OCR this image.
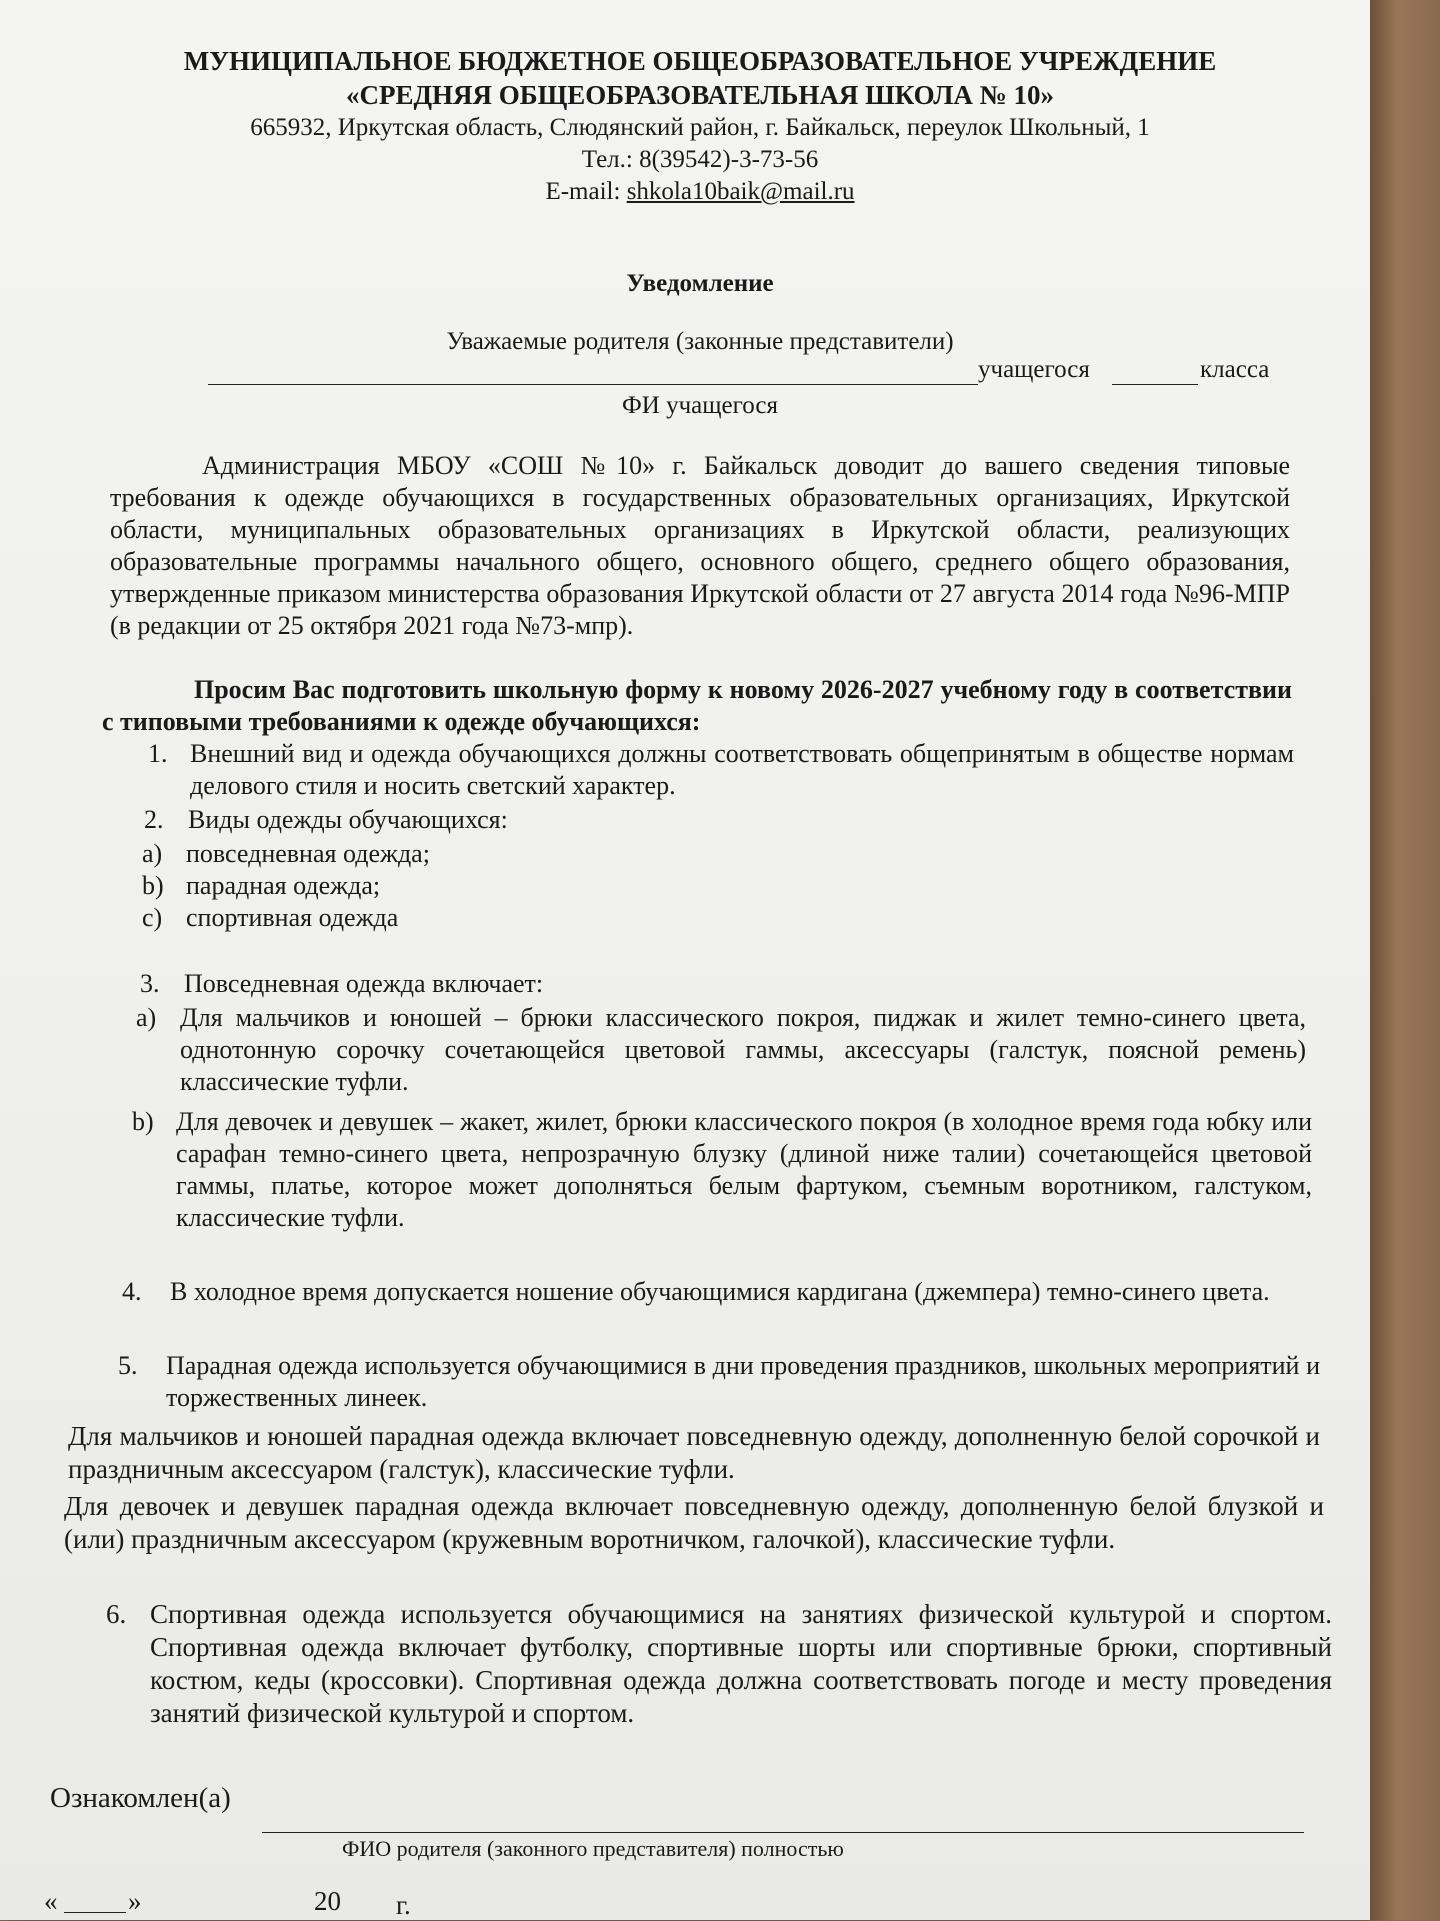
МУНИЦИПАЛЬНОЕ БЮДЖЕТНОЕ ОБЩЕОБРАЗОВАТЕЛЬНОЕ УЧРЕЖДЕНИЕ
«СРЕДНЯЯ ОБЩЕОБРАЗОВАТЕЛЬНАЯ ШКОЛА № 10»
665932, Иркутская область, Слюдянский район, г. Байкальск, переулок Школьный, 1
Тел.: 8(39542)-3-73-56
E-mail: shkola10baik@mail.ru
Уведомление
Уважаемые родителя (законные представители)
учащегося	класса
ФИ учащегося
Администрация МБОУ «СОШ №10» г. Байкальск доводит до вашего сведения типовые требования к одежде обучающихся в государственных образовательных организациях, Иркутской области, муниципальных образовательных организациях в Иркутской области, реализующих образовательные программы начального общего, основного общего, среднего общего образования, утвержденные приказом министерства образования Иркутской области от 27 августа 2014 года №96-МПР (в редакции от 25 октября 2021 года №73-мпр).
Просим Вас подготовить школьную форму к новому 2026-2027 учебному году в соответствии с типовыми требованиями к одежде обучающихся:
1. Внешний вид и одежда обучающихся должны соответствовать общепринятым в обществе нормам делового стиля и носить светский характер.
2. Виды одежды обучающихся:
a) повседневная одежда;
b) парадная одежда;
c) спортивная одежда
3. Повседневная одежда включает:
a) Для мальчиков и юношей – брюки классического покроя, пиджак и жилет темно-синего цвета, однотонную сорочку сочетающейся цветовой гаммы, аксессуары (галстук, поясной ремень) классические туфли.
b) Для девочек и девушек – жакет, жилет, брюки классического покроя (в холодное время года юбку или сарафан темно-синего цвета, непрозрачную блузку (длиной ниже талии) сочетающейся цветовой гаммы, платье, которое может дополняться белым фартуком, съемным воротником, галстуком, классические туфли.
4. В холодное время допускается ношение обучающимися кардигана (джемпера) темно-синего цвета.
5. Парадная одежда используется обучающимися в дни проведения праздников, школьных мероприятий и торжественных линеек.
Для мальчиков и юношей парадная одежда включает повседневную одежду, дополненную белой сорочкой и праздничным аксессуаром (галстук), классические туфли.
Для девочек и девушек парадная одежда включает повседневную одежду, дополненную белой блузкой и (или) праздничным аксессуаром (кружевным воротничком, галочкой), классические туфли.
6. Спортивная одежда используется обучающимися на занятиях физической культурой и спортом. Спортивная одежда включает футболку, спортивные шорты или спортивные брюки, спортивный костюм, кеды (кроссовки). Спортивная одежда должна соответствовать погоде и месту проведения занятий физической культурой и спортом.
Ознакомлен(а)
ФИО родителя (законного представителя) полностью
«	»	20 г.
